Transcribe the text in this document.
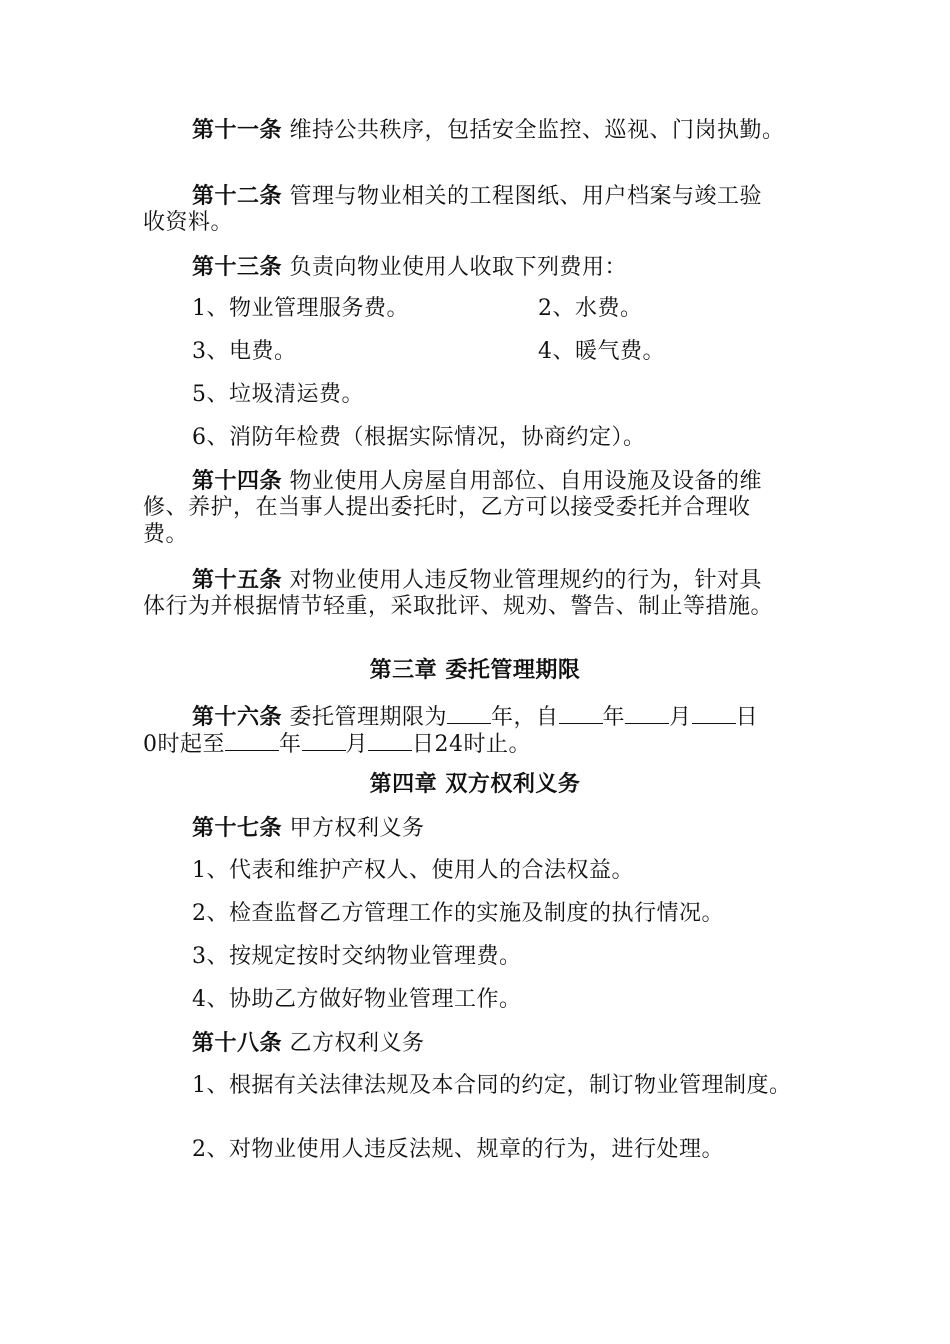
第十一条 维持公共秩序，包括安全监控、巡视、门岗执勤。
第十二条 管理与物业相关的工程图纸、用户档案与竣工验
收资料。
第十三条 负责向物业使用人收取下列费用：
1、物业管理服务费。	2、水费。
3、电费。	4、暖气费。
5、垃圾清运费。
6、消防年检费（根据实际情况，协商约定）。
第十四条 物业使用人房屋自用部位、自用设施及设备的维
修、养护，在当事人提出委托时，乙方可以接受委托并合理收
费。
第十五条 对物业使用人违反物业管理规约的行为，针对具
体行为并根据情节轻重，采取批评、规劝、警告、制止等措施。
第三章 委托管理期限
第十六条 委托管理期限为 年，自 年 月 日
0时起至 年 月 日24时止。
第四章 双方权利义务
第十七条 甲方权利义务
1、代表和维护产权人、使用人的合法权益。
2、检查监督乙方管理工作的实施及制度的执行情况。
3、按规定按时交纳物业管理费。
4、协助乙方做好物业管理工作。
第十八条 乙方权利义务
1、根据有关法律法规及本合同的约定，制订物业管理制度。
2、对物业使用人违反法规、规章的行为，进行处理。
